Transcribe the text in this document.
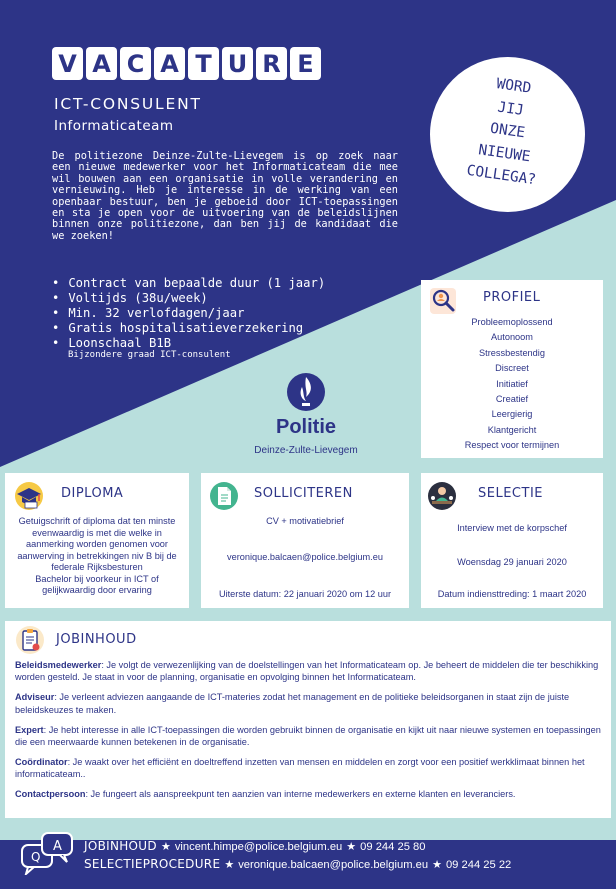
V A C A T U R E
ICT-CONSULENT
Informaticateam
De politiezone Deinze-Zulte-Lievegem is op zoek naar een nieuwe medewerker voor het Informaticateam die mee wil bouwen aan een organisatie in volle verandering en vernieuwing. Heb je interesse in de werking van een openbaar bestuur, ben je geboeid door ICT-toepassingen en sta je open voor de uitvoering van de beleidslijnen binnen onze politiezone, dan ben jij de kandidaat die we zoeken!
• Contract van bepaalde duur (1 jaar)
• Voltijds (38u/week)
• Min. 32 verlofdagen/jaar
• Gratis hospitalisatieverzekering
• Loonschaal B1B
Bijzondere graad ICT-consulent
WORD
JIJ
ONZE
NIEUWE
COLLEGA?
Politie
Deinze-Zulte-Lievegem
PROFIEL
Probleemoplossend
Autonoom
Stressbestendig
Discreet
Initiatief
Creatief
Leergierig
Klantgericht
Respect voor termijnen
DIPLOMA
Getuigschrift of diploma dat ten minste
evenwaardig is met die welke in
aanmerking worden genomen voor
aanwerving in betrekkingen niv B bij de
federale Rijksbesturen
Bachelor bij voorkeur in ICT of
gelijkwaardig door ervaring
SOLLICITEREN
CV + motivatiebrief
veronique.balcaen@police.belgium.eu
Uiterste datum: 22 januari 2020 om 12 uur
SELECTIE
Interview met de korpschef
Woensdag 29 januari 2020
Datum indiensttreding: 1 maart 2020
JOBINHOUD

Beleidsmedewerker: Je volgt de verwezenlijking van de doelstellingen van het Informaticateam op. Je beheert de middelen die ter beschikking worden gesteld. Je staat in voor de planning, organisatie en opvolging binnen het Informaticateam.

Adviseur: Je verleent adviezen aangaande de ICT-materies zodat het management en de politieke beleidsorganen in staat zijn de juiste beleidskeuzes te maken.

Expert: Je hebt interesse in alle ICT-toepassingen die worden gebruikt binnen de organisatie en kijkt uit naar nieuwe systemen en toepassingen die een meerwaarde kunnen betekenen in de organisatie.

Coördinator: Je waakt over het efficiënt en doeltreffend inzetten van mensen en middelen en zorgt voor een positief werkklimaat binnen het informaticateam..

Contactpersoon: Je fungeert als aanspreekpunt ten aanzien van interne medewerkers en externe klanten en leveranciers.

A
Q
JOBINHOUD ★ vincent.himpe@police.belgium.eu ★ 09 244 25 80
SELECTIEPROCEDURE ★ veronique.balcaen@police.belgium.eu ★ 09 244 25 22
